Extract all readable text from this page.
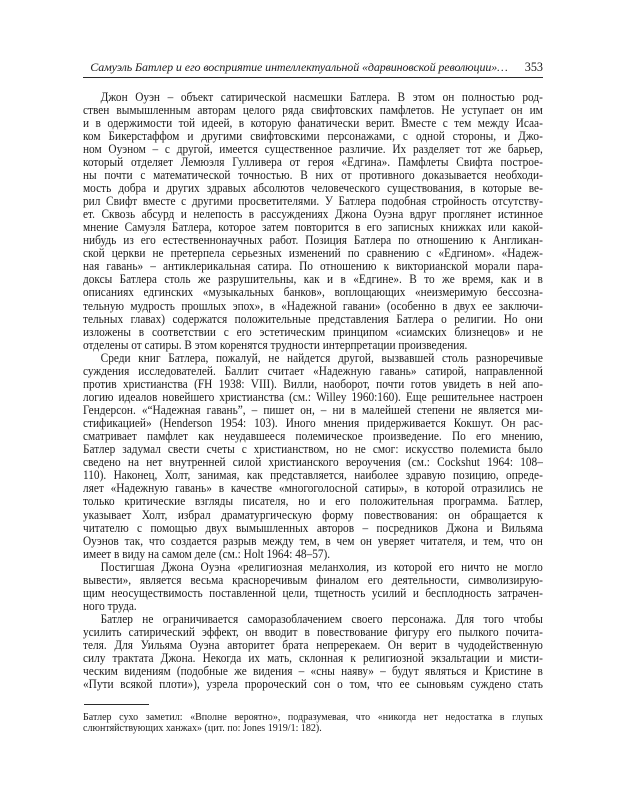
Самуэль Батлер и его восприятие интеллектуальной «дарвиновской революции»… 353
Джон Оуэн – объект сатирической насмешки Батлера. В этом он полностью род-
ствен вымышленным авторам целого ряда свифтовских памфлетов. Не уступает он им
и в одержимости той идеей, в которую фанатически верит. Вместе с тем между Исаа-
ком Бикерстаффом и другими свифтовскими персонажами, с одной стороны, и Джо-
ном Оуэном – с другой, имеется существенное различие. Их разделяет тот же барьер,
который отделяет Лемюэля Гулливера от героя «Едгина». Памфлеты Свифта построе-
ны почти с математической точностью. В них от противного доказывается необходи-
мость добра и других здравых абсолютов человеческого существования, в которые ве-
рил Свифт вместе с другими просветителями. У Батлера подобная стройность отсутству-
ет. Сквозь абсурд и нелепость в рассуждениях Джона Оуэна вдруг проглянет истинное
мнение Самуэля Батлера, которое затем повторится в его записных книжках или какой-
нибудь из его естественнонаучных работ. Позиция Батлера по отношению к Англикан-
ской церкви не претерпела серьезных изменений по сравнению с «Едгином». «Надеж-
ная гавань» – антиклерикальная сатира. По отношению к викторианской морали пара-
доксы Батлера столь же разрушительны, как и в «Едгине». В то же время, как и в
описаниях едгинских «музыкальных банков», воплощающих «неизмеримую бессозна-
тельную мудрость прошлых эпох», в «Надежной гавани» (особенно в двух ее заключи-
тельных главах) содержатся положительные представления Батлера о религии. Но они
изложены в соответствии с его эстетическим принципом «сиамских близнецов» и не
отделены от сатиры. В этом коренятся трудности интерпретации произведения.
Среди книг Батлера, пожалуй, не найдется другой, вызвавшей столь разноречивые
суждения исследователей. Баллит считает «Надежную гавань» сатирой, направленной
против христианства (FH 1938: VIII). Вилли, наоборот, почти готов увидеть в ней апо-
логию идеалов новейшего христианства (см.: Willey 1960:160). Еще решительнее настроен
Гендерсон. «“Надежная гавань”, – пишет он, – ни в малейшей степени не является ми-
стификацией» (Henderson 1954: 103). Иного мнения придерживается Кокшут. Он рас-
сматривает памфлет как неудавшееся полемическое произведение. По его мнению,
Батлер задумал свести счеты с христианством, но не смог: искусство полемиста было
сведено на нет внутренней силой христианского вероучения (см.: Cockshut 1964: 108–
110). Наконец, Холт, занимая, как представляется, наиболее здравую позицию, опреде-
ляет «Надежную гавань» в качестве «многоголосной сатиры», в которой отразились не
только критические взгляды писателя, но и его положительная программа. Батлер,
указывает Холт, избрал драматургическую форму повествования: он обращается к
читателю с помощью двух вымышленных авторов – посредников Джона и Вильяма
Оуэнов так, что создается разрыв между тем, в чем он уверяет читателя, и тем, что он
имеет в виду на самом деле (см.: Holt 1964: 48–57).
Постигшая Джона Оуэна «религиозная меланхолия, из которой его ничто не могло
вывести», является весьма красноречивым финалом его деятельности, символизирую-
щим неосуществимость поставленной цели, тщетность усилий и бесплодность затрачен-
ного труда.
Батлер не ограничивается саморазоблачением своего персонажа. Для того чтобы
усилить сатирический эффект, он вводит в повествование фигуру его пылкого почита-
теля. Для Уильяма Оуэна авторитет брата непререкаем. Он верит в чудодейственную
силу трактата Джона. Некогда их мать, склонная к религиозной экзальтации и мисти-
ческим видениям (подобные же видения – «сны наяву» – будут являться и Кристине в
«Пути всякой плоти»), узрела пророческий сон о том, что ее сыновьям суждено стать
Батлер сухо заметил: «Вполне вероятно», подразумевая, что «никогда нет недостатка в глупых
слюнтяйствующих ханжах» (цит. по: Jones 1919/1: 182).
